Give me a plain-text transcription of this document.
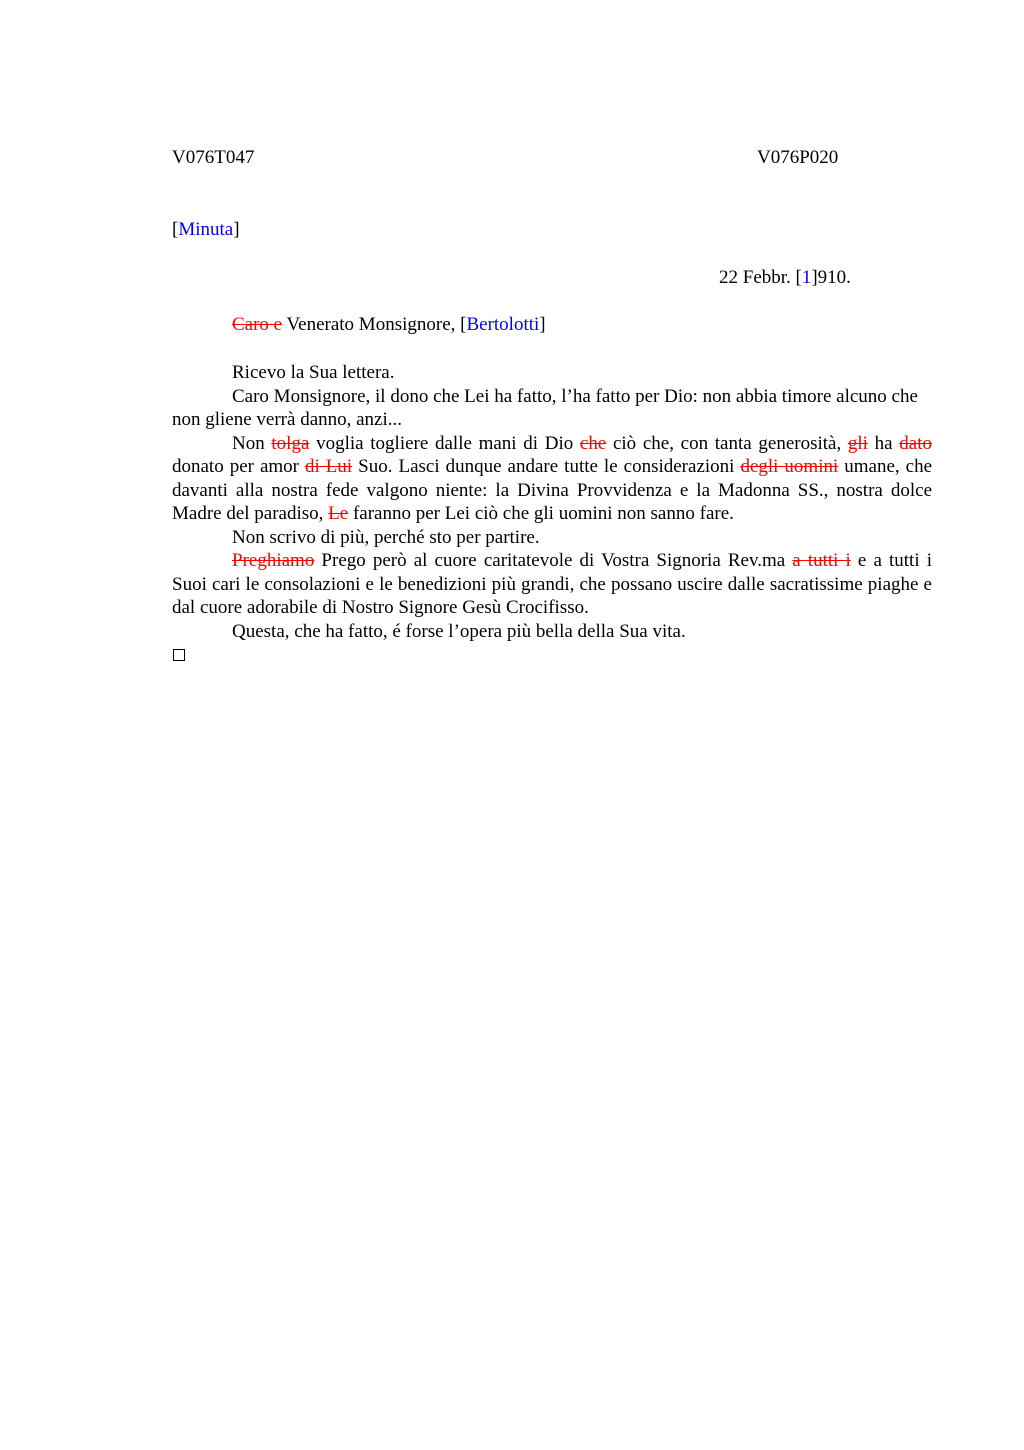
V076T047	V076P020
[Minuta]
22 Febbr. [1]910.
Caro e Venerato Monsignore, [Bertolotti]

Ricevo la Sua lettera.

Caro Monsignore, il dono che Lei ha fatto, l’ha fatto per Dio: non abbia timore alcuno che non gliene verrà danno, anzi...

Non tolga voglia togliere dalle mani di Dio che ciò che, con tanta generosità, gli ha dato donato per amor di Lui Suo. Lasci dunque andare tutte le considerazioni degli uomini umane, che davanti alla nostra fede valgono niente: la Divina Provvidenza e la Madonna SS., nostra dolce Madre del paradiso, Le faranno per Lei ciò che gli uomini non sanno fare.

Non scrivo di più, perché sto per partire.

Preghiamo Prego però al cuore caritatevole di Vostra Signoria Rev.ma a tutti i e a tutti i Suoi cari le consolazioni e le benedizioni più grandi, che possano uscire dalle sacratissime piaghe e dal cuore adorabile di Nostro Signore Gesù Crocifisso.

Questa, che ha fatto, é forse l’opera più bella della Sua vita.
